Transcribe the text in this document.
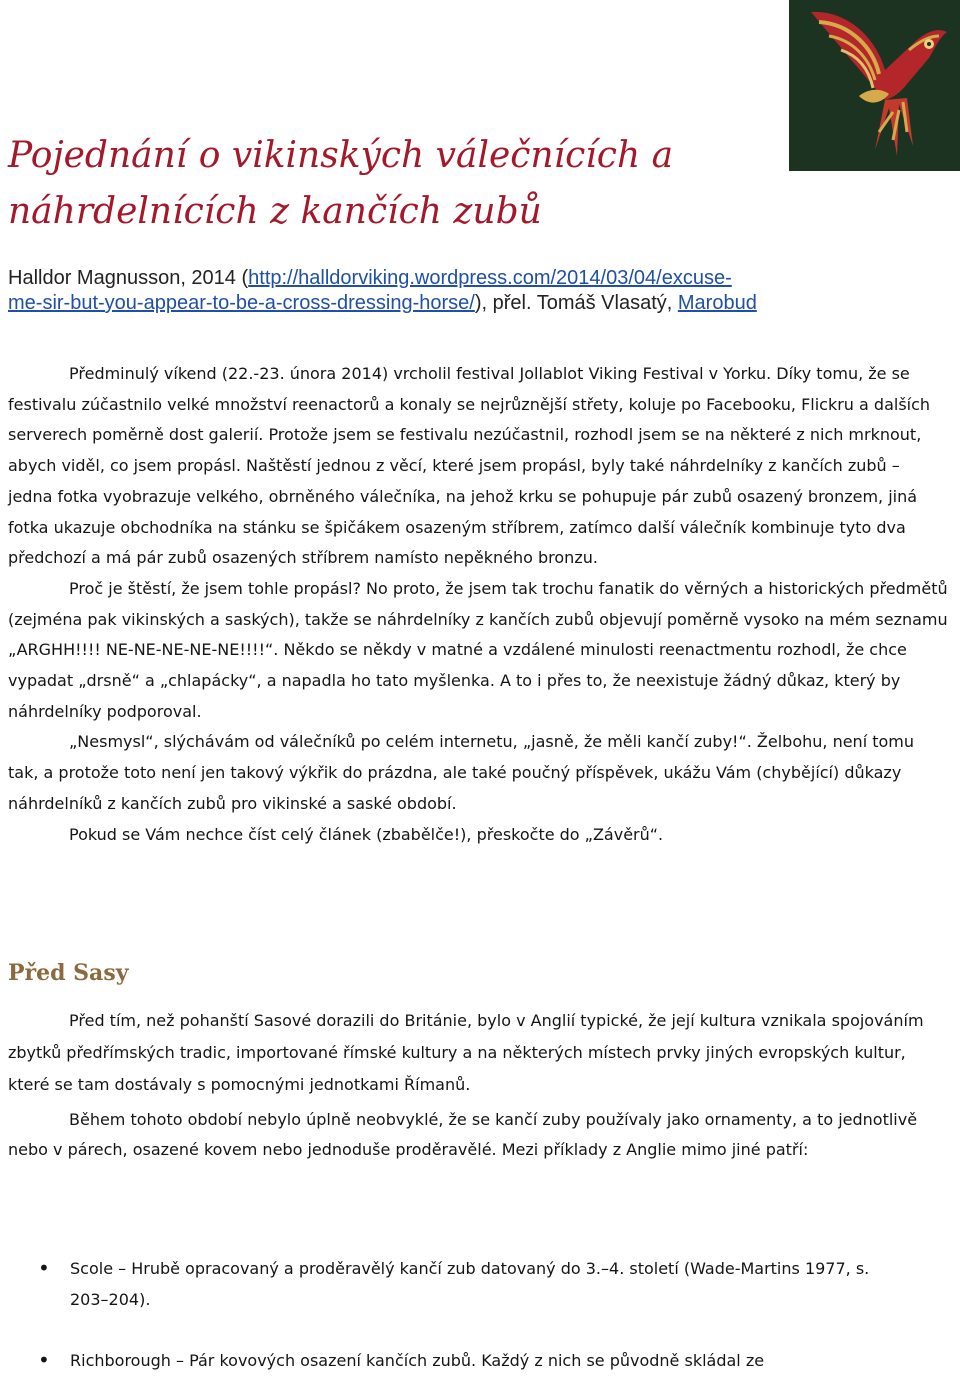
Pojednání o vikinských válečnících a
náhrdelnících z kančích zubů

Halldor Magnusson, 2014 (http://halldorviking.wordpress.com/2014/03/04/excuse-
me-sir-but-you-appear-to-be-a-cross-dressing-horse/), přel. Tomáš Vlasatý, Marobud

Předminulý víkend (22.-23. února 2014) vrcholil festival Jollablot Viking Festival v Yorku. Díky tomu, že se festivalu zúčastnilo velké množství reenactorů a konaly se nejrůznější střety, koluje po Facebooku, Flickru a dalších serverech poměrně dost galerií. Protože jsem se festivalu nezúčastnil, rozhodl jsem se na některé z nich mrknout, abych viděl, co jsem propásl. Naštěstí jednou z věcí, které jsem propásl, byly také náhrdelníky z kančích zubů – jedna fotka vyobrazuje velkého, obrněného válečníka, na jehož krku se pohupuje pár zubů osazený bronzem, jiná fotka ukazuje obchodníka na stánku se špičákem osazeným stříbrem, zatímco další válečník kombinuje tyto dva předchozí a má pár zubů osazených stříbrem namísto nepěkného bronzu.

Proč je štěstí, že jsem tohle propásl? No proto, že jsem tak trochu fanatik do věrných a historických předmětů (zejména pak vikinských a saských), takže se náhrdelníky z kančích zubů objevují poměrně vysoko na mém seznamu „ARGHH!!!! NE-NE-NE-NE-NE!!!!“. Někdo se někdy v matné a vzdálené minulosti reenactmentu rozhodl, že chce vypadat „drsně“ a „chlapácky“, a napadla ho tato myšlenka. A to i přes to, že neexistuje žádný důkaz, který by náhrdelníky podporoval.

„Nesmysl“, slýchávám od válečníků po celém internetu, „jasně, že měli kančí zuby!“. Želbohu, není tomu tak, a protože toto není jen takový výkřik do prázdna, ale také poučný příspěvek, ukážu Vám (chybějící) důkazy náhrdelníků z kančích zubů pro vikinské a saské období.

Pokud se Vám nechce číst celý článek (zbabělče!), přeskočte do „Závěrů“.

Před Sasy

Před tím, než pohanští Sasové dorazili do Británie, bylo v Anglií typické, že její kultura vznikala spojováním zbytků předřímských tradic, importované římské kultury a na některých místech prvky jiných evropských kultur, které se tam dostávaly s pomocnými jednotkami Římanů.

Během tohoto období nebylo úplně neobvyklé, že se kančí zuby používaly jako ornamenty, a to jednotlivě nebo v párech, osazené kovem nebo jednoduše proděravělé. Mezi příklady z Anglie mimo jiné patří:

• Scole – Hrubě opracovaný a proděravělý kančí zub datovaný do 3.–4. století (Wade-Martins 1977, s. 203–204).
• Richborough – Pár kovových osazení kančích zubů. Každý z nich se původně skládal ze
